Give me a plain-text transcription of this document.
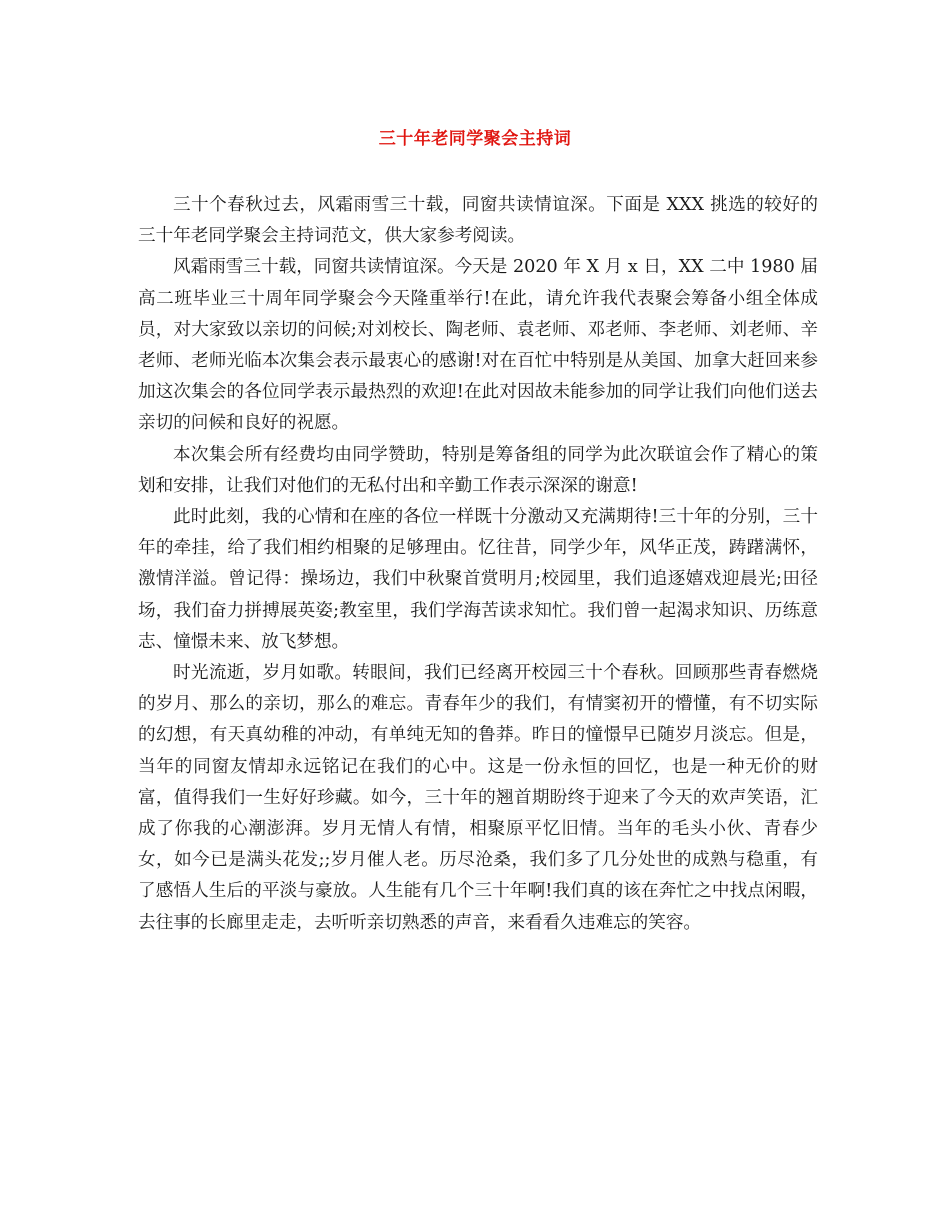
三十年老同学聚会主持词

三十个春秋过去，风霜雨雪三十载，同窗共读情谊深。下面是 XXX 挑选的较好的三十年老同学聚会主持词范文，供大家参考阅读。

风霜雨雪三十载，同窗共读情谊深。今天是 2020 年 X 月 x 日，XX 二中 1980 届高二班毕业三十周年同学聚会今天隆重举行!在此，请允许我代表聚会筹备小组全体成员，对大家致以亲切的问候;对刘校长、陶老师、袁老师、邓老师、李老师、刘老师、辛老师、老师光临本次集会表示最衷心的感谢!对在百忙中特别是从美国、加拿大赶回来参加这次集会的各位同学表示最热烈的欢迎!在此对因故未能参加的同学让我们向他们送去亲切的问候和良好的祝愿。

本次集会所有经费均由同学赞助，特别是筹备组的同学为此次联谊会作了精心的策划和安排，让我们对他们的无私付出和辛勤工作表示深深的谢意!

此时此刻，我的心情和在座的各位一样既十分激动又充满期待!三十年的分别，三十年的牵挂，给了我们相约相聚的足够理由。忆往昔，同学少年，风华正茂，踌躇满怀，激情洋溢。曾记得：操场边，我们中秋聚首赏明月;校园里，我们追逐嬉戏迎晨光;田径场，我们奋力拼搏展英姿;教室里，我们学海苦读求知忙。我们曾一起渴求知识、历练意志、憧憬未来、放飞梦想。

时光流逝，岁月如歌。转眼间，我们已经离开校园三十个春秋。回顾那些青春燃烧的岁月、那么的亲切，那么的难忘。青春年少的我们，有情窦初开的懵懂，有不切实际的幻想，有天真幼稚的冲动，有单纯无知的鲁莽。昨日的憧憬早已随岁月淡忘。但是，当年的同窗友情却永远铭记在我们的心中。这是一份永恒的回忆，也是一种无价的财富，值得我们一生好好珍藏。如今，三十年的翘首期盼终于迎来了今天的欢声笑语，汇成了你我的心潮澎湃。岁月无情人有情，相聚原平忆旧情。当年的毛头小伙、青春少女，如今已是满头花发;;岁月催人老。历尽沧桑，我们多了几分处世的成熟与稳重，有了感悟人生后的平淡与豪放。人生能有几个三十年啊!我们真的该在奔忙之中找点闲暇，去往事的长廊里走走，去听听亲切熟悉的声音，来看看久违难忘的笑容。
